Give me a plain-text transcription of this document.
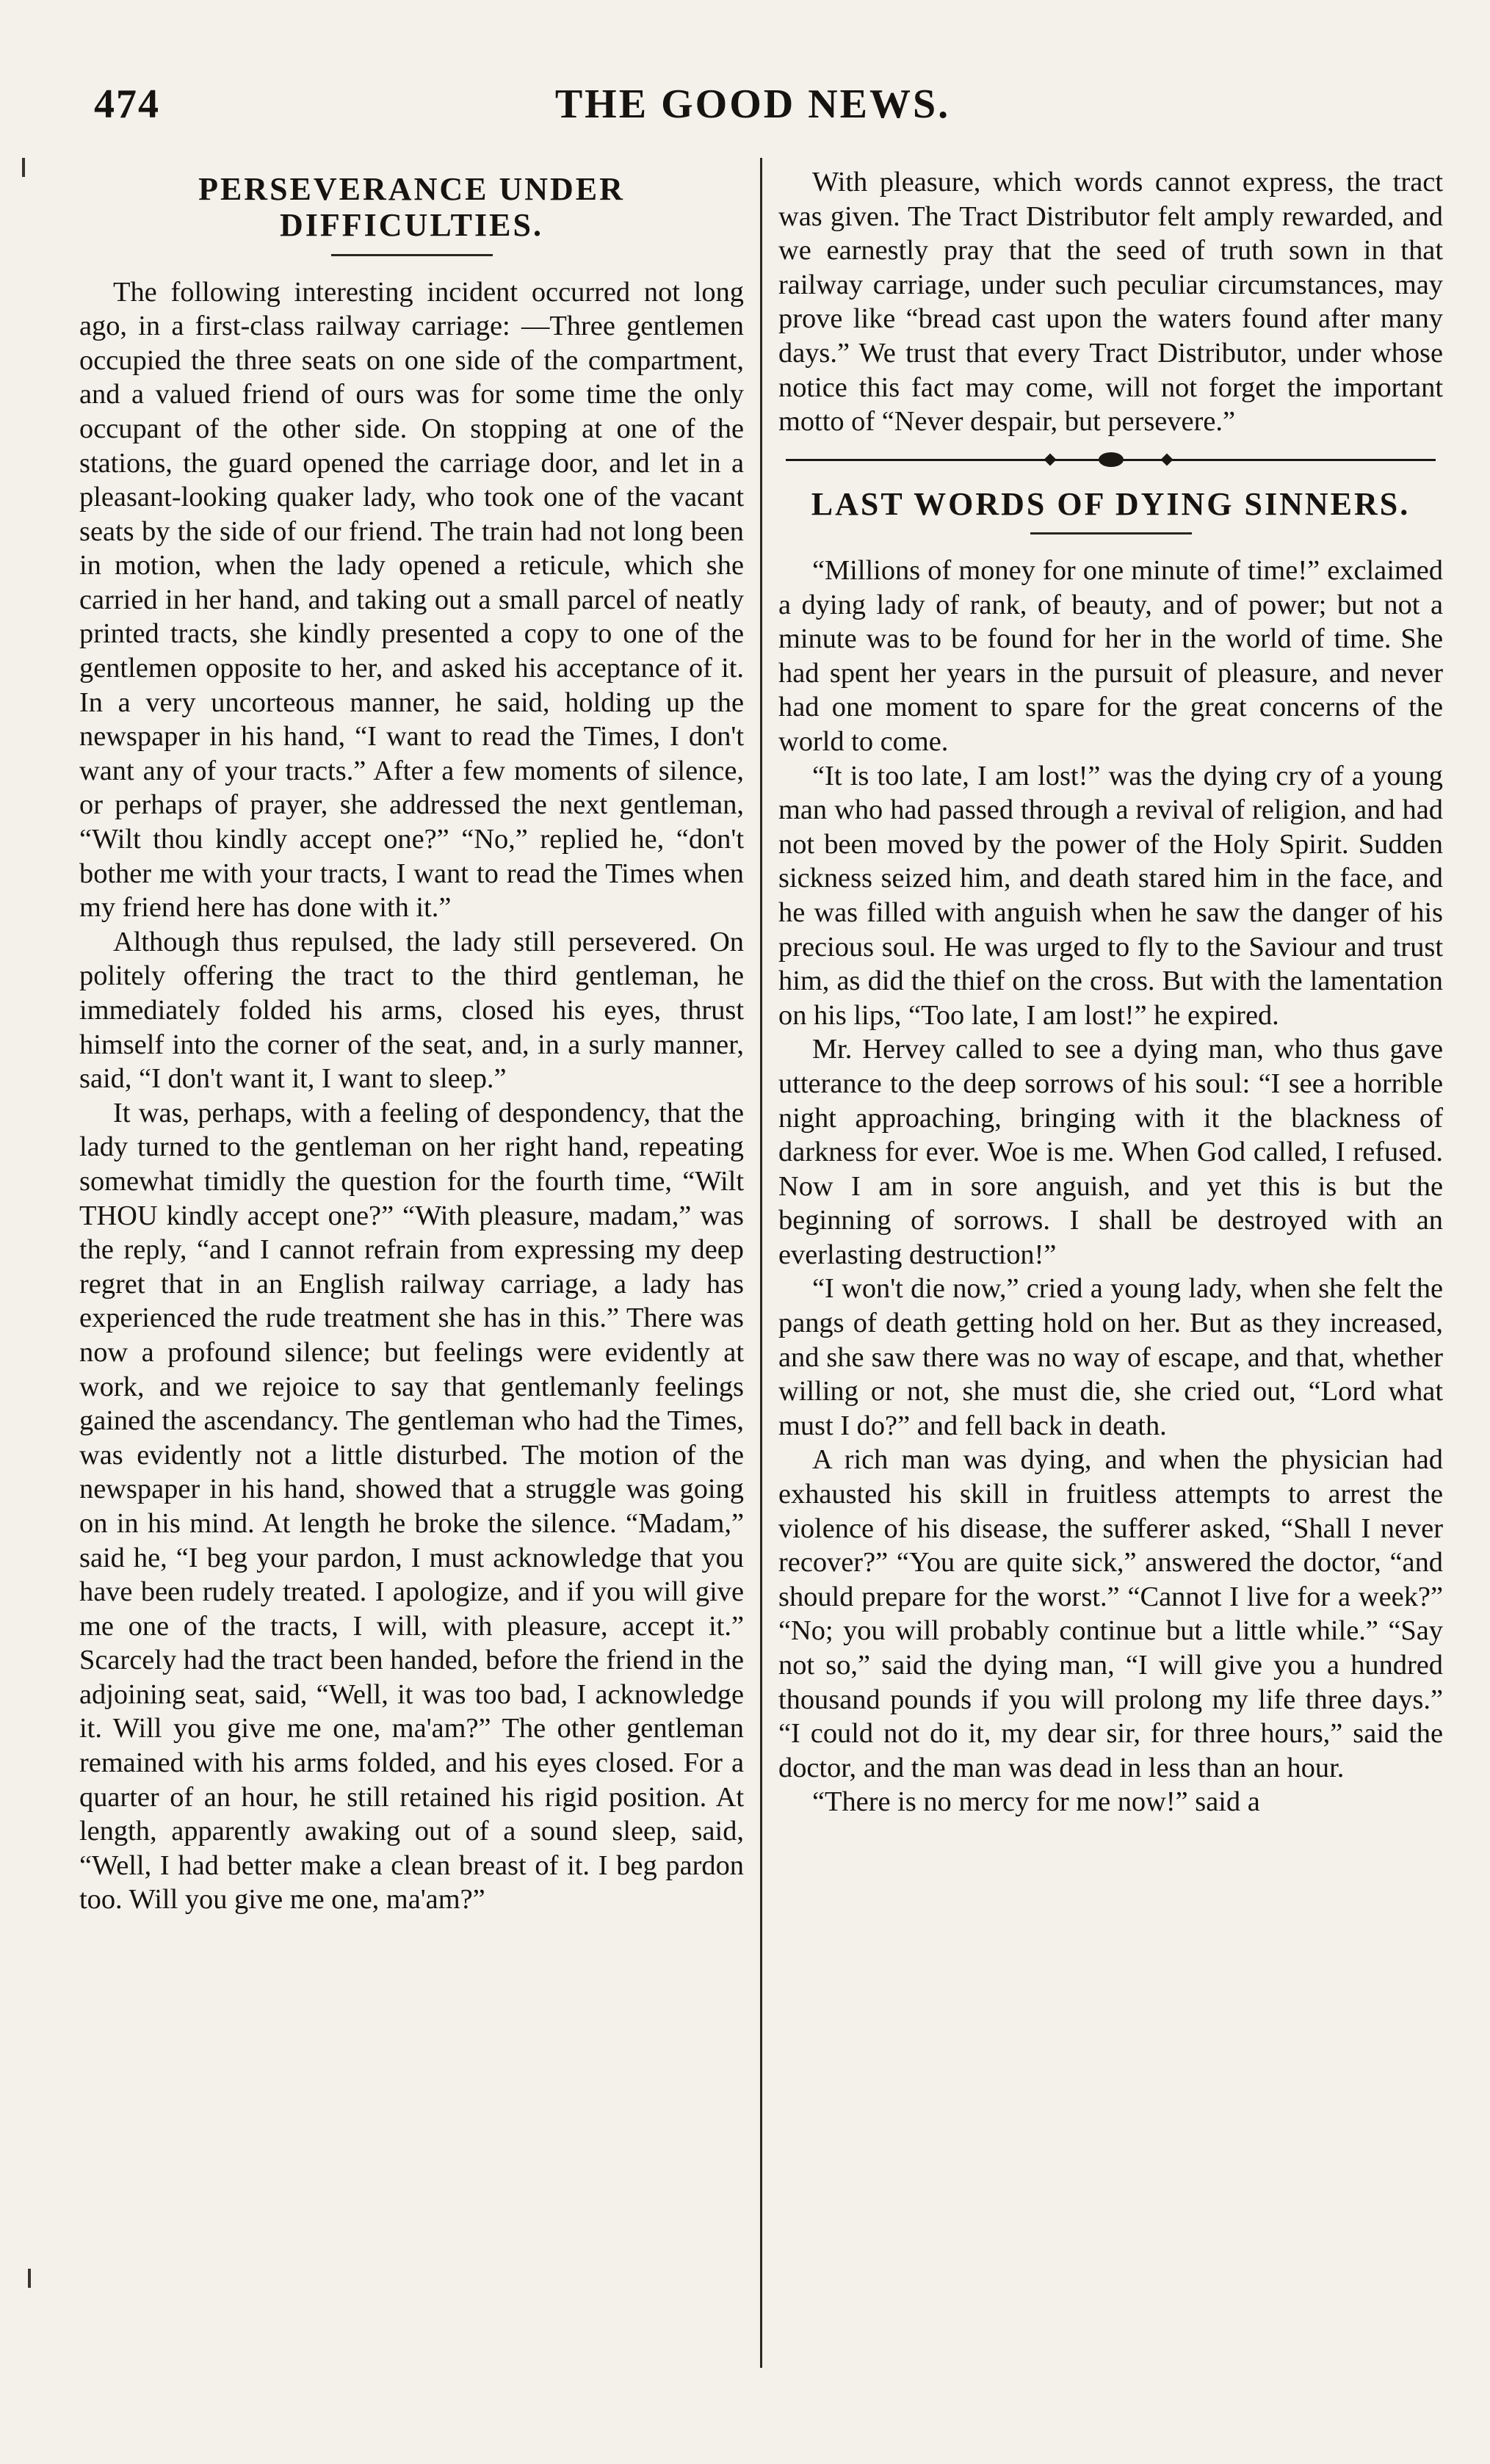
474	THE GOOD NEWS.
PERSEVERANCE UNDER DIFFICULTIES.

The following interesting incident occurred not long ago, in a first-class railway carriage: —Three gentlemen occupied the three seats on one side of the compartment, and a valued friend of ours was for some time the only occupant of the other side. On stopping at one of the stations, the guard opened the carriage door, and let in a pleasant-looking quaker lady, who took one of the vacant seats by the side of our friend. The train had not long been in motion, when the lady opened a reticule, which she carried in her hand, and taking out a small parcel of neatly printed tracts, she kindly presented a copy to one of the gentlemen opposite to her, and asked his acceptance of it. In a very uncorteous manner, he said, holding up the newspaper in his hand, “I want to read the Times, I don't want any of your tracts.” After a few moments of silence, or perhaps of prayer, she addressed the next gentleman, “Wilt thou kindly accept one?” “No,” replied he, “don't bother me with your tracts, I want to read the Times when my friend here has done with it.”

Although thus repulsed, the lady still persevered. On politely offering the tract to the third gentleman, he immediately folded his arms, closed his eyes, thrust himself into the corner of the seat, and, in a surly manner, said, “I don't want it, I want to sleep.”

It was, perhaps, with a feeling of despondency, that the lady turned to the gentleman on her right hand, repeating somewhat timidly the question for the fourth time, “Wilt THOU kindly accept one?” “With pleasure, madam,” was the reply, “and I cannot refrain from expressing my deep regret that in an English railway carriage, a lady has experienced the rude treatment she has in this.” There was now a profound silence; but feelings were evidently at work, and we rejoice to say that gentlemanly feelings gained the ascendancy. The gentleman who had the Times, was evidently not a little disturbed. The motion of the newspaper in his hand, showed that a struggle was going on in his mind. At length he broke the silence. “Madam,” said he, “I beg your pardon, I must acknowledge that you have been rudely treated. I apologize, and if you will give me one of the tracts, I will, with pleasure, accept it.” Scarcely had the tract been handed, before the friend in the adjoining seat, said, “Well, it was too bad, I acknowledge it. Will you give me one, ma'am?” The other gentleman remained with his arms folded, and his eyes closed. For a quarter of an hour, he still retained his rigid position. At length, apparently awaking out of a sound sleep, said, “Well, I had better make a clean breast of it. I beg pardon too. Will you give me one, ma'am?”

With pleasure, which words cannot express, the tract was given. The Tract Distributor felt amply rewarded, and we earnestly pray that the seed of truth sown in that railway carriage, under such peculiar circumstances, may prove like “bread cast upon the waters found after many days.” We trust that every Tract Distributor, under whose notice this fact may come, will not forget the important motto of “Never despair, but persevere.”

LAST WORDS OF DYING SINNERS.

“Millions of money for one minute of time!” exclaimed a dying lady of rank, of beauty, and of power; but not a minute was to be found for her in the world of time. She had spent her years in the pursuit of pleasure, and never had one moment to spare for the great concerns of the world to come.

“It is too late, I am lost!” was the dying cry of a young man who had passed through a revival of religion, and had not been moved by the power of the Holy Spirit. Sudden sickness seized him, and death stared him in the face, and he was filled with anguish when he saw the danger of his precious soul. He was urged to fly to the Saviour and trust him, as did the thief on the cross. But with the lamentation on his lips, “Too late, I am lost!” he expired.

Mr. Hervey called to see a dying man, who thus gave utterance to the deep sorrows of his soul: “I see a horrible night approaching, bringing with it the blackness of darkness for ever. Woe is me. When God called, I refused. Now I am in sore anguish, and yet this is but the beginning of sorrows. I shall be destroyed with an everlasting destruction!”

“I won't die now,” cried a young lady, when she felt the pangs of death getting hold on her. But as they increased, and she saw there was no way of escape, and that, whether willing or not, she must die, she cried out, “Lord what must I do?” and fell back in death.

A rich man was dying, and when the physician had exhausted his skill in fruitless attempts to arrest the violence of his disease, the sufferer asked, “Shall I never recover?” “You are quite sick,” answered the doctor, “and should prepare for the worst.” “Cannot I live for a week?” “No; you will probably continue but a little while.” “Say not so,” said the dying man, “I will give you a hundred thousand pounds if you will prolong my life three days.” “I could not do it, my dear sir, for three hours,” said the doctor, and the man was dead in less than an hour.

“There is no mercy for me now!” said a
